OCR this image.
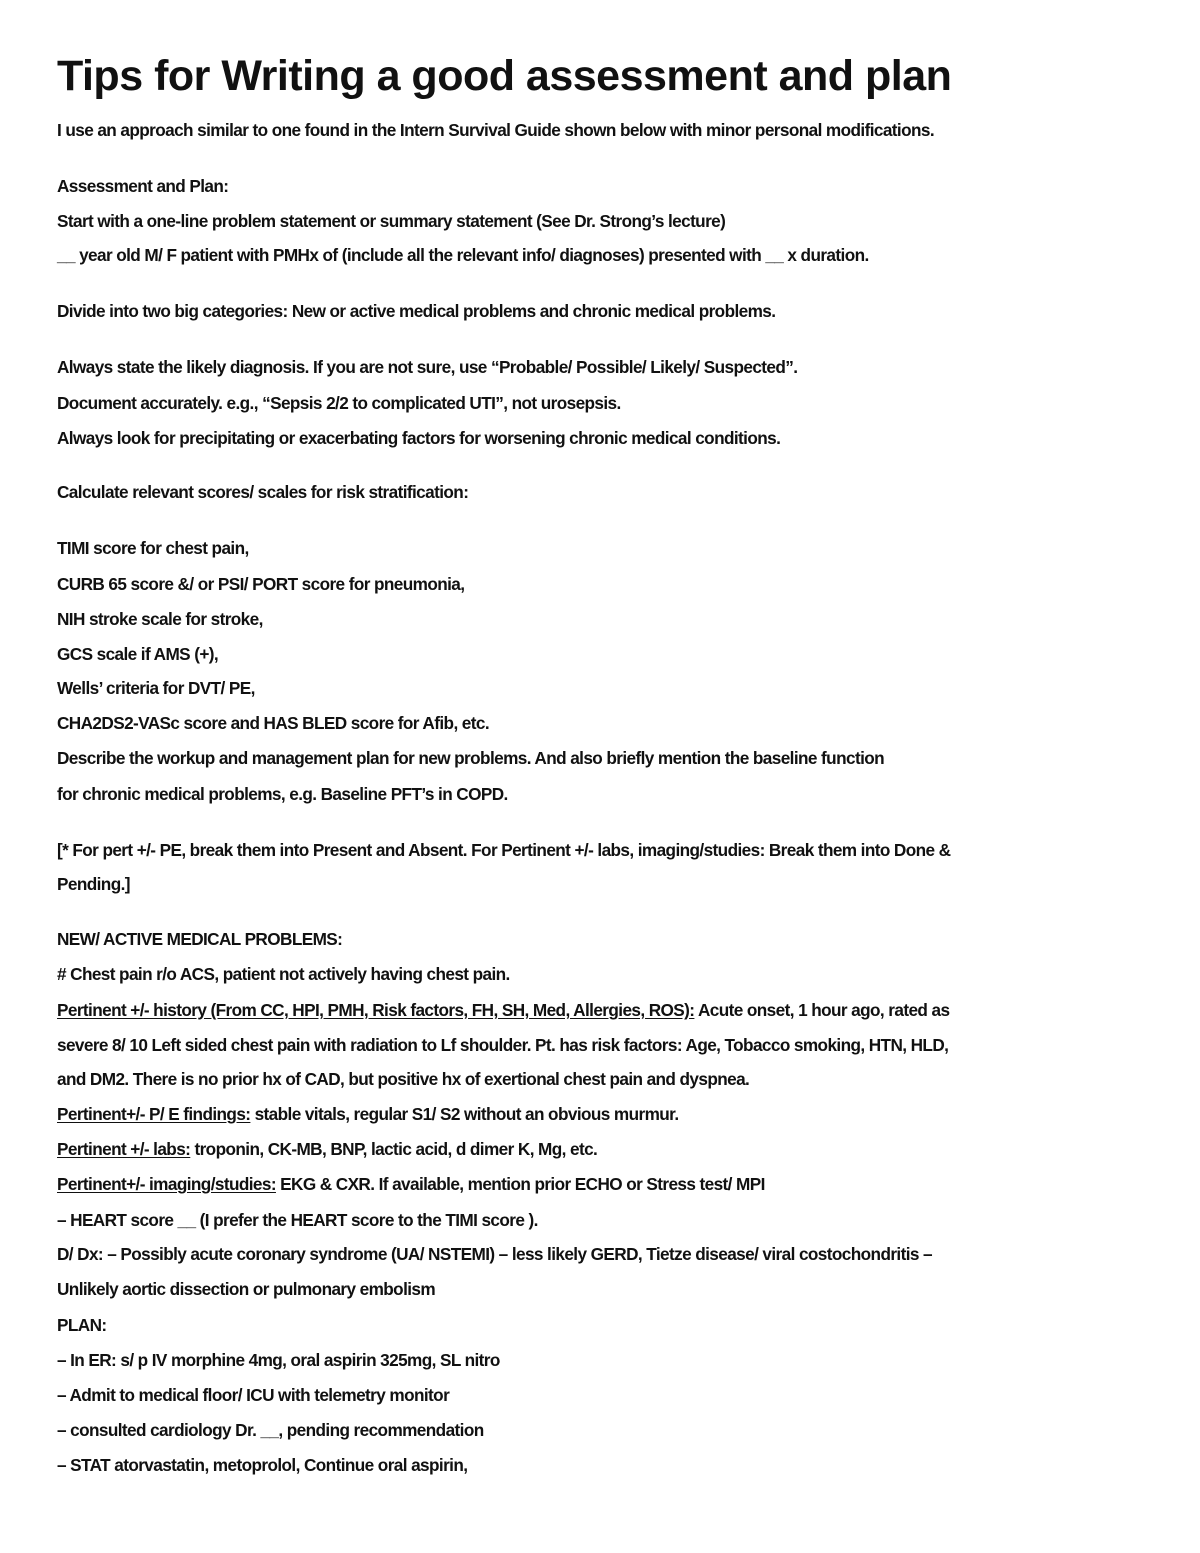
Tips for Writing a good assessment and plan
I use an approach similar to one found in the Intern Survival Guide shown below with minor personal modifications.
Assessment and Plan:
Start with a one-line problem statement or summary statement (See Dr. Strong’s lecture)
__ year old M/ F patient with PMHx of (include all the relevant info/ diagnoses) presented with __ x duration.
Divide into two big categories: New or active medical problems and chronic medical problems.
Always state the likely diagnosis. If you are not sure, use “Probable/ Possible/ Likely/ Suspected”.
Document accurately. e.g., “Sepsis 2/2 to complicated UTI”, not urosepsis.
Always look for precipitating or exacerbating factors for worsening chronic medical conditions.
Calculate relevant scores/ scales for risk stratification:
TIMI score for chest pain,
CURB 65 score &/ or PSI/ PORT score for pneumonia,
NIH stroke scale for stroke,
GCS scale if AMS (+),
Wells’ criteria for DVT/ PE,
CHA2DS2-VASc score and HAS BLED score for Afib, etc.
Describe the workup and management plan for new problems. And also briefly mention the baseline function
for chronic medical problems, e.g. Baseline PFT’s in COPD.
[* For pert +/- PE, break them into Present and Absent. For Pertinent +/- labs, imaging/studies: Break them into Done &
Pending.]
NEW/ ACTIVE MEDICAL PROBLEMS:
# Chest pain r/o ACS, patient not actively having chest pain.
Pertinent +/- history (From CC, HPI, PMH, Risk factors, FH, SH, Med, Allergies, ROS): Acute onset, 1 hour ago, rated as
severe 8/ 10 Left sided chest pain with radiation to Lf shoulder. Pt. has risk factors: Age, Tobacco smoking, HTN, HLD,
and DM2. There is no prior hx of CAD, but positive hx of exertional chest pain and dyspnea.
Pertinent+/- P/ E findings: stable vitals, regular S1/ S2 without an obvious murmur.
Pertinent +/- labs: troponin, CK-MB, BNP, lactic acid, d dimer K, Mg, etc.
Pertinent+/- imaging/studies: EKG & CXR. If available, mention prior ECHO or Stress test/ MPI
– HEART score __ (I prefer the HEART score to the TIMI score ).
D/ Dx: – Possibly acute coronary syndrome (UA/ NSTEMI) – less likely GERD, Tietze disease/ viral costochondritis –
Unlikely aortic dissection or pulmonary embolism
PLAN:
– In ER: s/ p IV morphine 4mg, oral aspirin 325mg, SL nitro
– Admit to medical floor/ ICU with telemetry monitor
– consulted cardiology Dr. __, pending recommendation
– STAT atorvastatin, metoprolol, Continue oral aspirin,
